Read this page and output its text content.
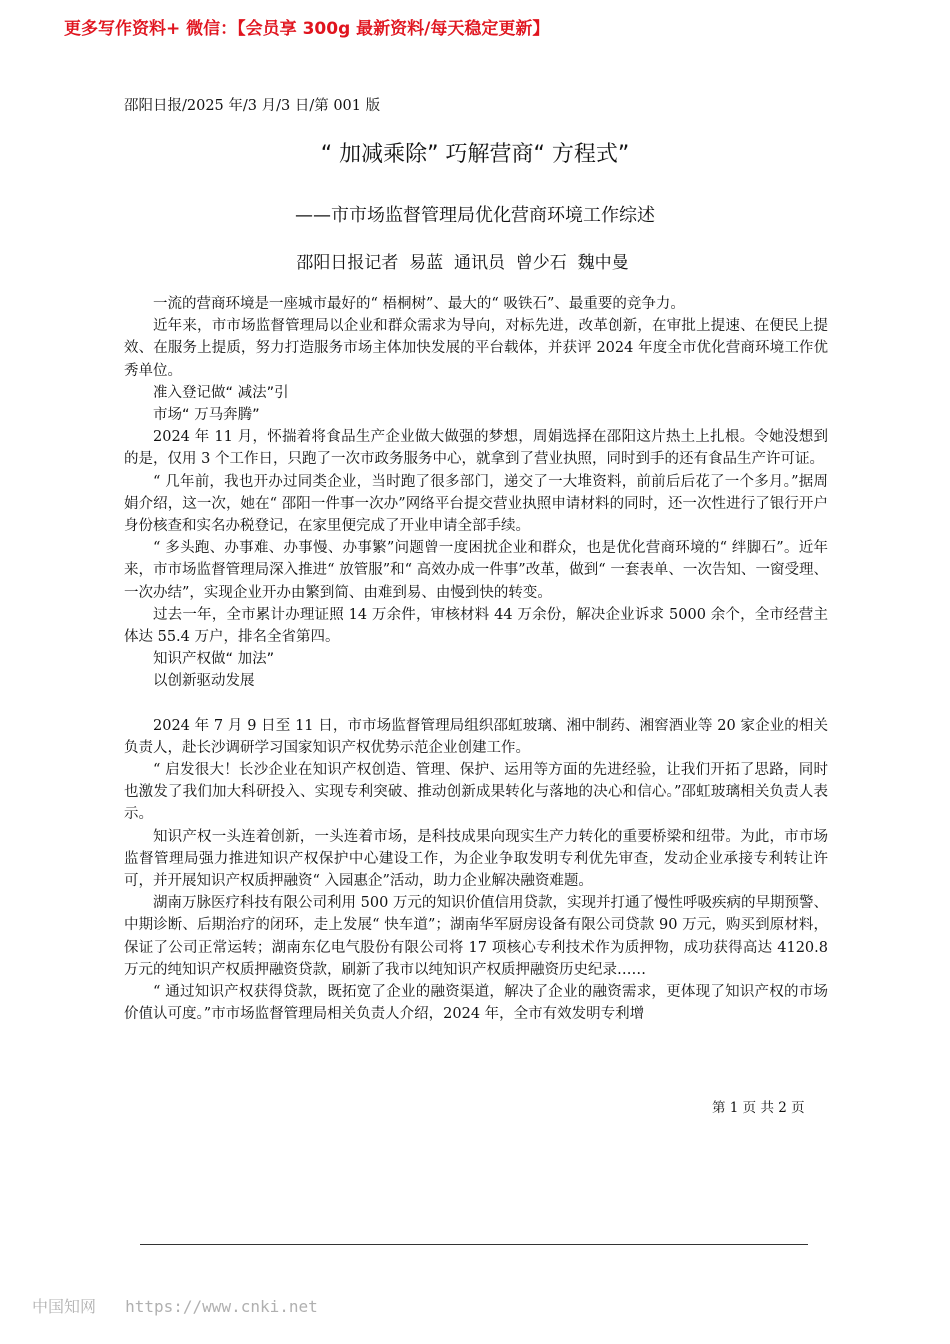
更多写作资料+ 微信：【会员享 300g 最新资料/每天稳定更新】
邵阳日报/2025 年/3 月/3 日/第 001 版
“ 加减乘除” 巧解营商“ 方程式”
——市市场监督管理局优化营商环境工作综述
邵阳日报记者  易蓝  通讯员  曾少石  魏中曼

一流的营商环境是一座城市最好的“ 梧桐树”、最大的“ 吸铁石”、最重要的竞争力。

近年来，市市场监督管理局以企业和群众需求为导向，对标先进，改革创新，在审批上提速、在便民上提效、在服务上提质，努力打造服务市场主体加快发展的平台载体，并获评 2024 年度全市优化营商环境工作优秀单位。

准入登记做“ 减法”引

市场“ 万马奔腾”

2024 年 11 月，怀揣着将食品生产企业做大做强的梦想，周娟选择在邵阳这片热土上扎根。令她没想到的是，仅用 3 个工作日，只跑了一次市政务服务中心，就拿到了营业执照，同时到手的还有食品生产许可证。

“ 几年前，我也开办过同类企业，当时跑了很多部门，递交了一大堆资料，前前后后花了一个多月。”据周娟介绍，这一次，她在“ 邵阳一件事一次办”网络平台提交营业执照申请材料的同时，还一次性进行了银行开户身份核查和实名办税登记，在家里便完成了开业申请全部手续。

“ 多头跑、办事难、办事慢、办事繁”问题曾一度困扰企业和群众，也是优化营商环境的“ 绊脚石”。近年来，市市场监督管理局深入推进“ 放管服”和“ 高效办成一件事”改革，做到“ 一套表单、一次告知、一窗受理、一次办结”，实现企业开办由繁到简、由难到易、由慢到快的转变。

过去一年，全市累计办理证照 14 万余件，审核材料 44 万余份，解决企业诉求 5000 余个，全市经营主体达 55.4 万户，排名全省第四。

知识产权做“ 加法”

以创新驱动发展

2024 年 7 月 9 日至 11 日，市市场监督管理局组织邵虹玻璃、湘中制药、湘窖酒业等 20 家企业的相关负责人，赴长沙调研学习国家知识产权优势示范企业创建工作。

“ 启发很大！长沙企业在知识产权创造、管理、保护、运用等方面的先进经验，让我们开拓了思路，同时也激发了我们加大科研投入、实现专利突破、推动创新成果转化与落地的决心和信心。”邵虹玻璃相关负责人表示。

知识产权一头连着创新，一头连着市场，是科技成果向现实生产力转化的重要桥梁和纽带。为此，市市场监督管理局强力推进知识产权保护中心建设工作，为企业争取发明专利优先审查，发动企业承接专利转让许可，并开展知识产权质押融资“ 入园惠企”活动，助力企业解决融资难题。

湖南万脉医疗科技有限公司利用 500 万元的知识价值信用贷款，实现并打通了慢性呼吸疾病的早期预警、中期诊断、后期治疗的闭环，走上发展“ 快车道”；湖南华军厨房设备有限公司贷款 90 万元，购买到原材料，保证了公司正常运转；湖南东亿电气股份有限公司将 17 项核心专利技术作为质押物，成功获得高达 4120.8 万元的纯知识产权质押融资贷款，刷新了我市以纯知识产权质押融资历史纪录……

“ 通过知识产权获得贷款，既拓宽了企业的融资渠道，解决了企业的融资需求，更体现了知识产权的市场价值认可度。”市市场监督管理局相关负责人介绍，2024 年，全市有效发明专利增

第 1 页 共 2 页
中国知网 https://www.cnki.net
